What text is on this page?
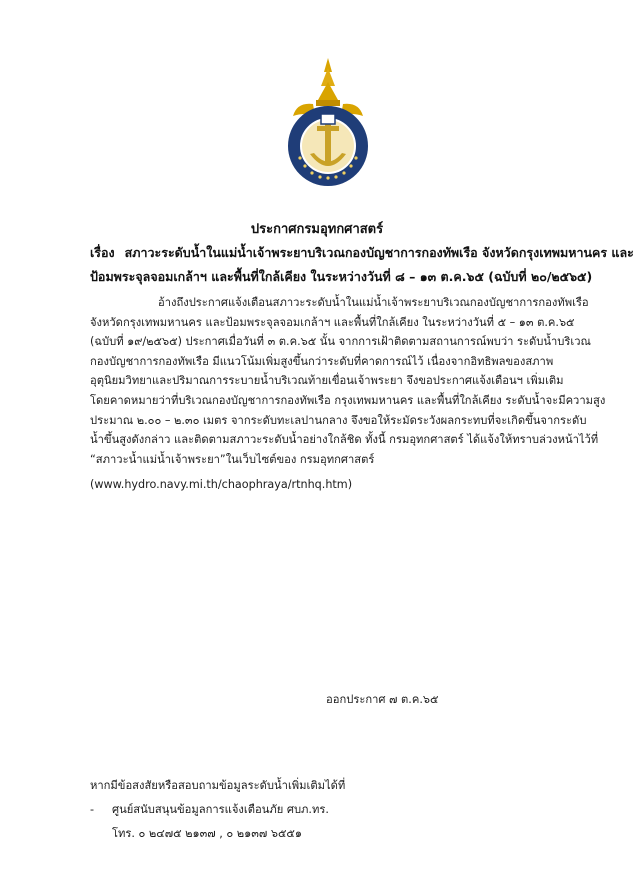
ประกาศกรมอุทกศาสตร์
เรื่อง สภาวะระดับน้ำในแม่น้ำเจ้าพระยาบริเวณกองบัญชาการกองทัพเรือ จังหวัดกรุงเทพมหานคร และ
ป้อมพระจุลจอมเกล้าฯ และพื้นที่ใกล้เคียง ในระหว่างวันที่ ๘ – ๑๓ ต.ค.๖๕ (ฉบับที่ ๒๐/๒๕๖๕)
อ้างถึงประกาศแจ้งเตือนสภาวะระดับน้ำในแม่น้ำเจ้าพระยาบริเวณกองบัญชาการกองทัพเรือ
จังหวัดกรุงเทพมหานคร และป้อมพระจุลจอมเกล้าฯ และพื้นที่ใกล้เคียง ในระหว่างวันที่ ๕ – ๑๓ ต.ค.๖๕
(ฉบับที่ ๑๙/๒๕๖๕) ประกาศเมื่อวันที่ ๓ ต.ค.๖๕ นั้น จากการเฝ้าติดตามสถานการณ์พบว่า ระดับน้ำบริเวณ
กองบัญชาการกองทัพเรือ มีแนวโน้มเพิ่มสูงขึ้นกว่าระดับที่คาดการณ์ไว้ เนื่องจากอิทธิพลของสภาพ
อุตุนิยมวิทยาและปริมาณการระบายน้ำบริเวณท้ายเขื่อนเจ้าพระยา จึงขอประกาศแจ้งเตือนฯ เพิ่มเติม
โดยคาดหมายว่าที่บริเวณกองบัญชาการกองทัพเรือ กรุงเทพมหานคร และพื้นที่ใกล้เคียง ระดับน้ำจะมีความสูง
ประมาณ ๒.๐๐ – ๒.๓๐ เมตร จากระดับทะเลปานกลาง จึงขอให้ระมัดระวังผลกระทบที่จะเกิดขึ้นจากระดับ
น้ำขึ้นสูงดังกล่าว และติดตามสภาวะระดับน้ำอย่างใกล้ชิด ทั้งนี้ กรมอุทกศาสตร์ ได้แจ้งให้ทราบล่วงหน้าไว้ที่
“สภาวะน้ำแม่น้ำเจ้าพระยา”ในเว็บไซต์ของ กรมอุทกศาสตร์
(www.hydro.navy.mi.th/chaophraya/rtnhq.htm)
ออกประกาศ ๗ ต.ค.๖๕
หากมีข้อสงสัยหรือสอบถามข้อมูลระดับน้ำเพิ่มเติมได้ที่
- ศูนย์สนับสนุนข้อมูลการแจ้งเตือนภัย ศบภ.ทร.
โทร. ๐ ๒๔๗๕ ๒๑๓๗ , ๐ ๒๑๓๗ ๖๕๕๑
